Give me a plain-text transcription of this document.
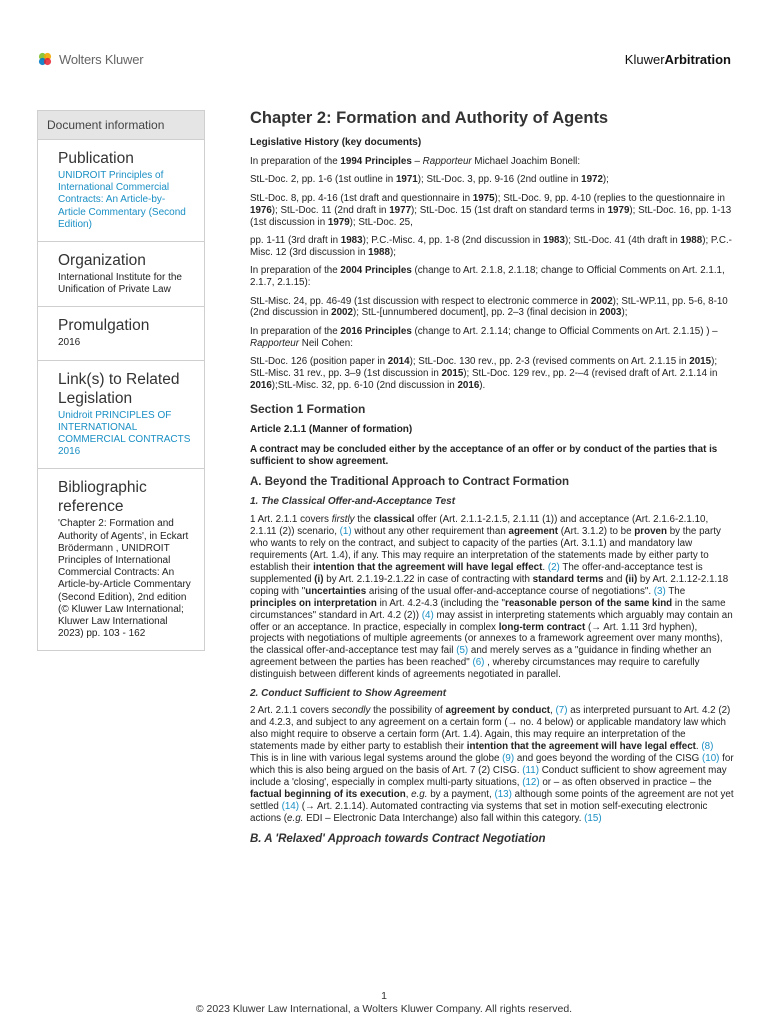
Wolters Kluwer	KluwerArbitration
Document information
Publication
UNIDROIT Principles of International Commercial Contracts: An Article-by-Article Commentary (Second Edition)
Organization
International Institute for the Unification of Private Law
Promulgation
2016
Link(s) to Related Legislation
Unidroit PRINCIPLES OF INTERNATIONAL COMMERCIAL CONTRACTS 2016
Bibliographic reference
'Chapter 2: Formation and Authority of Agents', in Eckart Brödermann , UNIDROIT Principles of International Commercial Contracts: An Article-by-Article Commentary (Second Edition), 2nd edition (© Kluwer Law International; Kluwer Law International 2023) pp. 103 - 162
Chapter 2: Formation and Authority of Agents
Legislative History (key documents)

In preparation of the 1994 Principles – Rapporteur Michael Joachim Bonell:

StL-Doc. 2, pp. 1-6 (1st outline in 1971); StL-Doc. 3, pp. 9-16 (2nd outline in 1972);

StL-Doc. 8, pp. 4-16 (1st draft and questionnaire in 1975); StL-Doc. 9, pp. 4-10 (replies to the questionnaire in 1976); StL-Doc. 11 (2nd draft in 1977); StL-Doc. 15 (1st draft on standard terms in 1979); StL-Doc. 16, pp. 1-13 (1st discussion in 1979); StL-Doc. 25,

pp. 1-11 (3rd draft in 1983); P.C.-Misc. 4, pp. 1-8 (2nd discussion in 1983); StL-Doc. 41 (4th draft in 1988); P.C.-Misc. 12 (3rd discussion in 1988);

In preparation of the 2004 Principles (change to Art. 2.1.8, 2.1.18; change to Official Comments on Art. 2.1.1, 2.1.7, 2.1.15):

StL-Misc. 24, pp. 46-49 (1st discussion with respect to electronic commerce in 2002); StL-WP.11, pp. 5-6, 8-10 (2nd discussion in 2002); StL-[unnumbered document], pp. 2–3 (final decision in 2003);

In preparation of the 2016 Principles (change to Art. 2.1.14; change to Official Comments on Art. 2.1.15) ) – Rapporteur Neil Cohen:

StL-Doc. 126 (position paper in 2014); StL-Doc. 130 rev., pp. 2-3 (revised comments on Art. 2.1.15 in 2015); StL-Misc. 31 rev., pp. 3–9 (1st discussion in 2015); StL-Doc. 129 rev., pp. 2-–4 (revised draft of Art. 2.1.14 in 2016);StL-Misc. 32, pp. 6-10 (2nd discussion in 2016).

Section 1 Formation
Article 2.1.1 (Manner of formation)

A contract may be concluded either by the acceptance of an offer or by conduct of the parties that is sufficient to show agreement.

A. Beyond the Traditional Approach to Contract Formation
1. The Classical Offer-and-Acceptance Test

1 Art. 2.1.1 covers firstly the classical offer (Art. 2.1.1-2.1.5, 2.1.11 (1)) and acceptance (Art. 2.1.6-2.1.10, 2.1.11 (2)) scenario, (1) without any other requirement than agreement (Art. 3.1.2) to be proven by the party who wants to rely on the contract, and subject to capacity of the parties (Art. 3.1.1) and mandatory law requirements (Art. 1.4), if any. This may require an interpretation of the statements made by either party to establish their intention that the agreement will have legal effect. (2) The offer-and-acceptance test is supplemented (i) by Art. 2.1.19-2.1.22 in case of contracting with standard terms and (ii) by Art. 2.1.12-2.1.18 coping with "uncertainties arising of the usual offer-and-acceptance course of negotiations". (3) The principles on interpretation in Art. 4.2-4.3 (including the "reasonable person of the same kind in the same circumstances" standard in Art. 4.2 (2)) (4) may assist in interpreting statements which arguably may contain an offer or an acceptance. In practice, especially in complex long-term contract (→ Art. 1.11 3rd hyphen), projects with negotiations of multiple agreements (or annexes to a framework agreement over many months), the classical offer-and-acceptance test may fail (5) and merely serves as a "guidance in finding whether an agreement between the parties has been reached" (6) , whereby circumstances may require to carefully distinguish between different kinds of agreements negotiated in parallel.

2. Conduct Sufficient to Show Agreement

2 Art. 2.1.1 covers secondly the possibility of agreement by conduct, (7) as interpreted pursuant to Art. 4.2 (2) and 4.2.3, and subject to any agreement on a certain form (→ no. 4 below) or applicable mandatory law which also might require to observe a certain form (Art. 1.4). Again, this may require an interpretation of the statements made by either party to establish their intention that the agreement will have legal effect. (8) This is in line with various legal systems around the globe (9) and goes beyond the wording of the CISG (10) for which this is also being argued on the basis of Art. 7 (2) CISG. (11) Conduct sufficient to show agreement may include a 'closing', especially in complex multi-party situations, (12) or – as often observed in practice – the factual beginning of its execution, e.g. by a payment, (13) although some points of the agreement are not yet settled (14) (→ Art. 2.1.14). Automated contracting via systems that set in motion self-executing electronic actions (e.g. EDI – Electronic Data Interchange) also fall within this category. (15)

B. A 'Relaxed' Approach towards Contract Negotiation
1
© 2023 Kluwer Law International, a Wolters Kluwer Company. All rights reserved.
